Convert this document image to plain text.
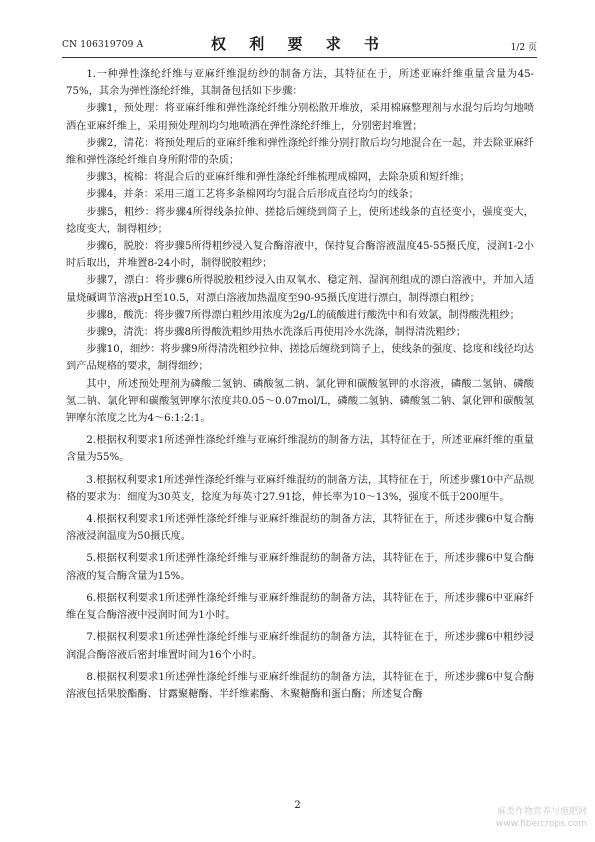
CN 106319709 A	权 利 要 求 书	1/2 页

1.一种弹性涤纶纤维与亚麻纤维混纺纱的制备方法，其特征在于，所述亚麻纤维重量含量为45-75%，其余为弹性涤纶纤维，其制备包括如下步骤：

步骤1，预处理：将亚麻纤维和弹性涤纶纤维分别松散开堆放，采用棉麻整理剂与水混匀后均匀地喷洒在亚麻纤维上，采用预处理剂均匀地喷洒在弹性涤纶纤维上，分别密封堆置；

步骤2，清花：将预处理后的亚麻纤维和弹性涤纶纤维分别打散后均匀地混合在一起，并去除亚麻纤维和弹性涤纶纤维自身所附带的杂质；

步骤3，梳棉：将混合后的亚麻纤维和弹性涤纶纤维梳理成棉网，去除杂质和短纤维；

步骤4，并条：采用三道工艺将多条棉网均匀混合后形成直径均匀的线条；

步骤5，粗纱：将步骤4所得线条拉伸、搓捻后缠绕到筒子上，使所述线条的直径变小，强度变大，捻度变大，制得粗纱；

步骤6，脱胶：将步骤5所得粗纱浸入复合酶溶液中，保持复合酶溶液温度45-55摄氏度，浸润1-2小时后取出，并堆置8-24小时，制得脱胶粗纱；

步骤7，漂白：将步骤6所得脱胶粗纱浸入由双氧水、稳定剂、湿润剂组成的漂白溶液中，并加入适量烧碱调节溶液pH至10.5，对漂白溶液加热温度至90-95摄氏度进行漂白，制得漂白粗纱；

步骤8，酸洗：将步骤7所得漂白粗纱用浓度为2g/L的硫酸进行酸洗中和有效氯，制得酸洗粗纱；

步骤9，清洗：将步骤8所得酸洗粗纱用热水洗涤后再使用冷水洗涤，制得清洗粗纱；

步骤10，细纱：将步骤9所得清洗粗纱拉伸、搓捻后缠绕到筒子上，使线条的强度、捻度和线径均达到产品规格的要求，制得细纱；

其中，所述预处理剂为磷酸二氢钠、磷酸氢二钠、氯化钾和碳酸氢钾的水溶液，磷酸二氢钠、磷酸氢二钠、氯化钾和碳酸氢钾摩尔浓度共0.05～0.07mol/L，磷酸二氢钠、磷酸氢二钠、氯化钾和碳酸氢钾摩尔浓度之比为4～6:1:2:1。

2.根据权利要求1所述弹性涤纶纤维与亚麻纤维混纺的制备方法，其特征在于，所述亚麻纤维的重量含量为55%。

3.根据权利要求1所述弹性涤纶纤维与亚麻纤维混纺的制备方法，其特征在于，所述步骤10中产品规格的要求为：细度为30英支，捻度为每英寸27.91捻，伸长率为10～13%，强度不低于200厘牛。

4.根据权利要求1所述弹性涤纶纤维与亚麻纤维混纺的制备方法，其特征在于，所述步骤6中复合酶溶液浸润温度为50摄氏度。

5.根据权利要求1所述弹性涤纶纤维与亚麻纤维混纺的制备方法，其特征在于，所述步骤6中复合酶溶液的复合酶含量为15%。

6.根据权利要求1所述弹性涤纶纤维与亚麻纤维混纺的制备方法，其特征在于，所述步骤6中亚麻纤维在复合酶溶液中浸润时间为1小时。

7.根据权利要求1所述弹性涤纶纤维与亚麻纤维混纺的制备方法，其特征在于，所述步骤6中粗纱浸润混合酶溶液后密封堆置时间为16个小时。

8.根据权利要求1所述弹性涤纶纤维与亚麻纤维混纺的制备方法，其特征在于，所述步骤6中复合酶溶液包括果胶酯酶、甘露聚糖酶、半纤维素酶、木聚糖酶和蛋白酶；所述复合酶

2
麻类作物营养与施肥网
www.fibercrops.com
